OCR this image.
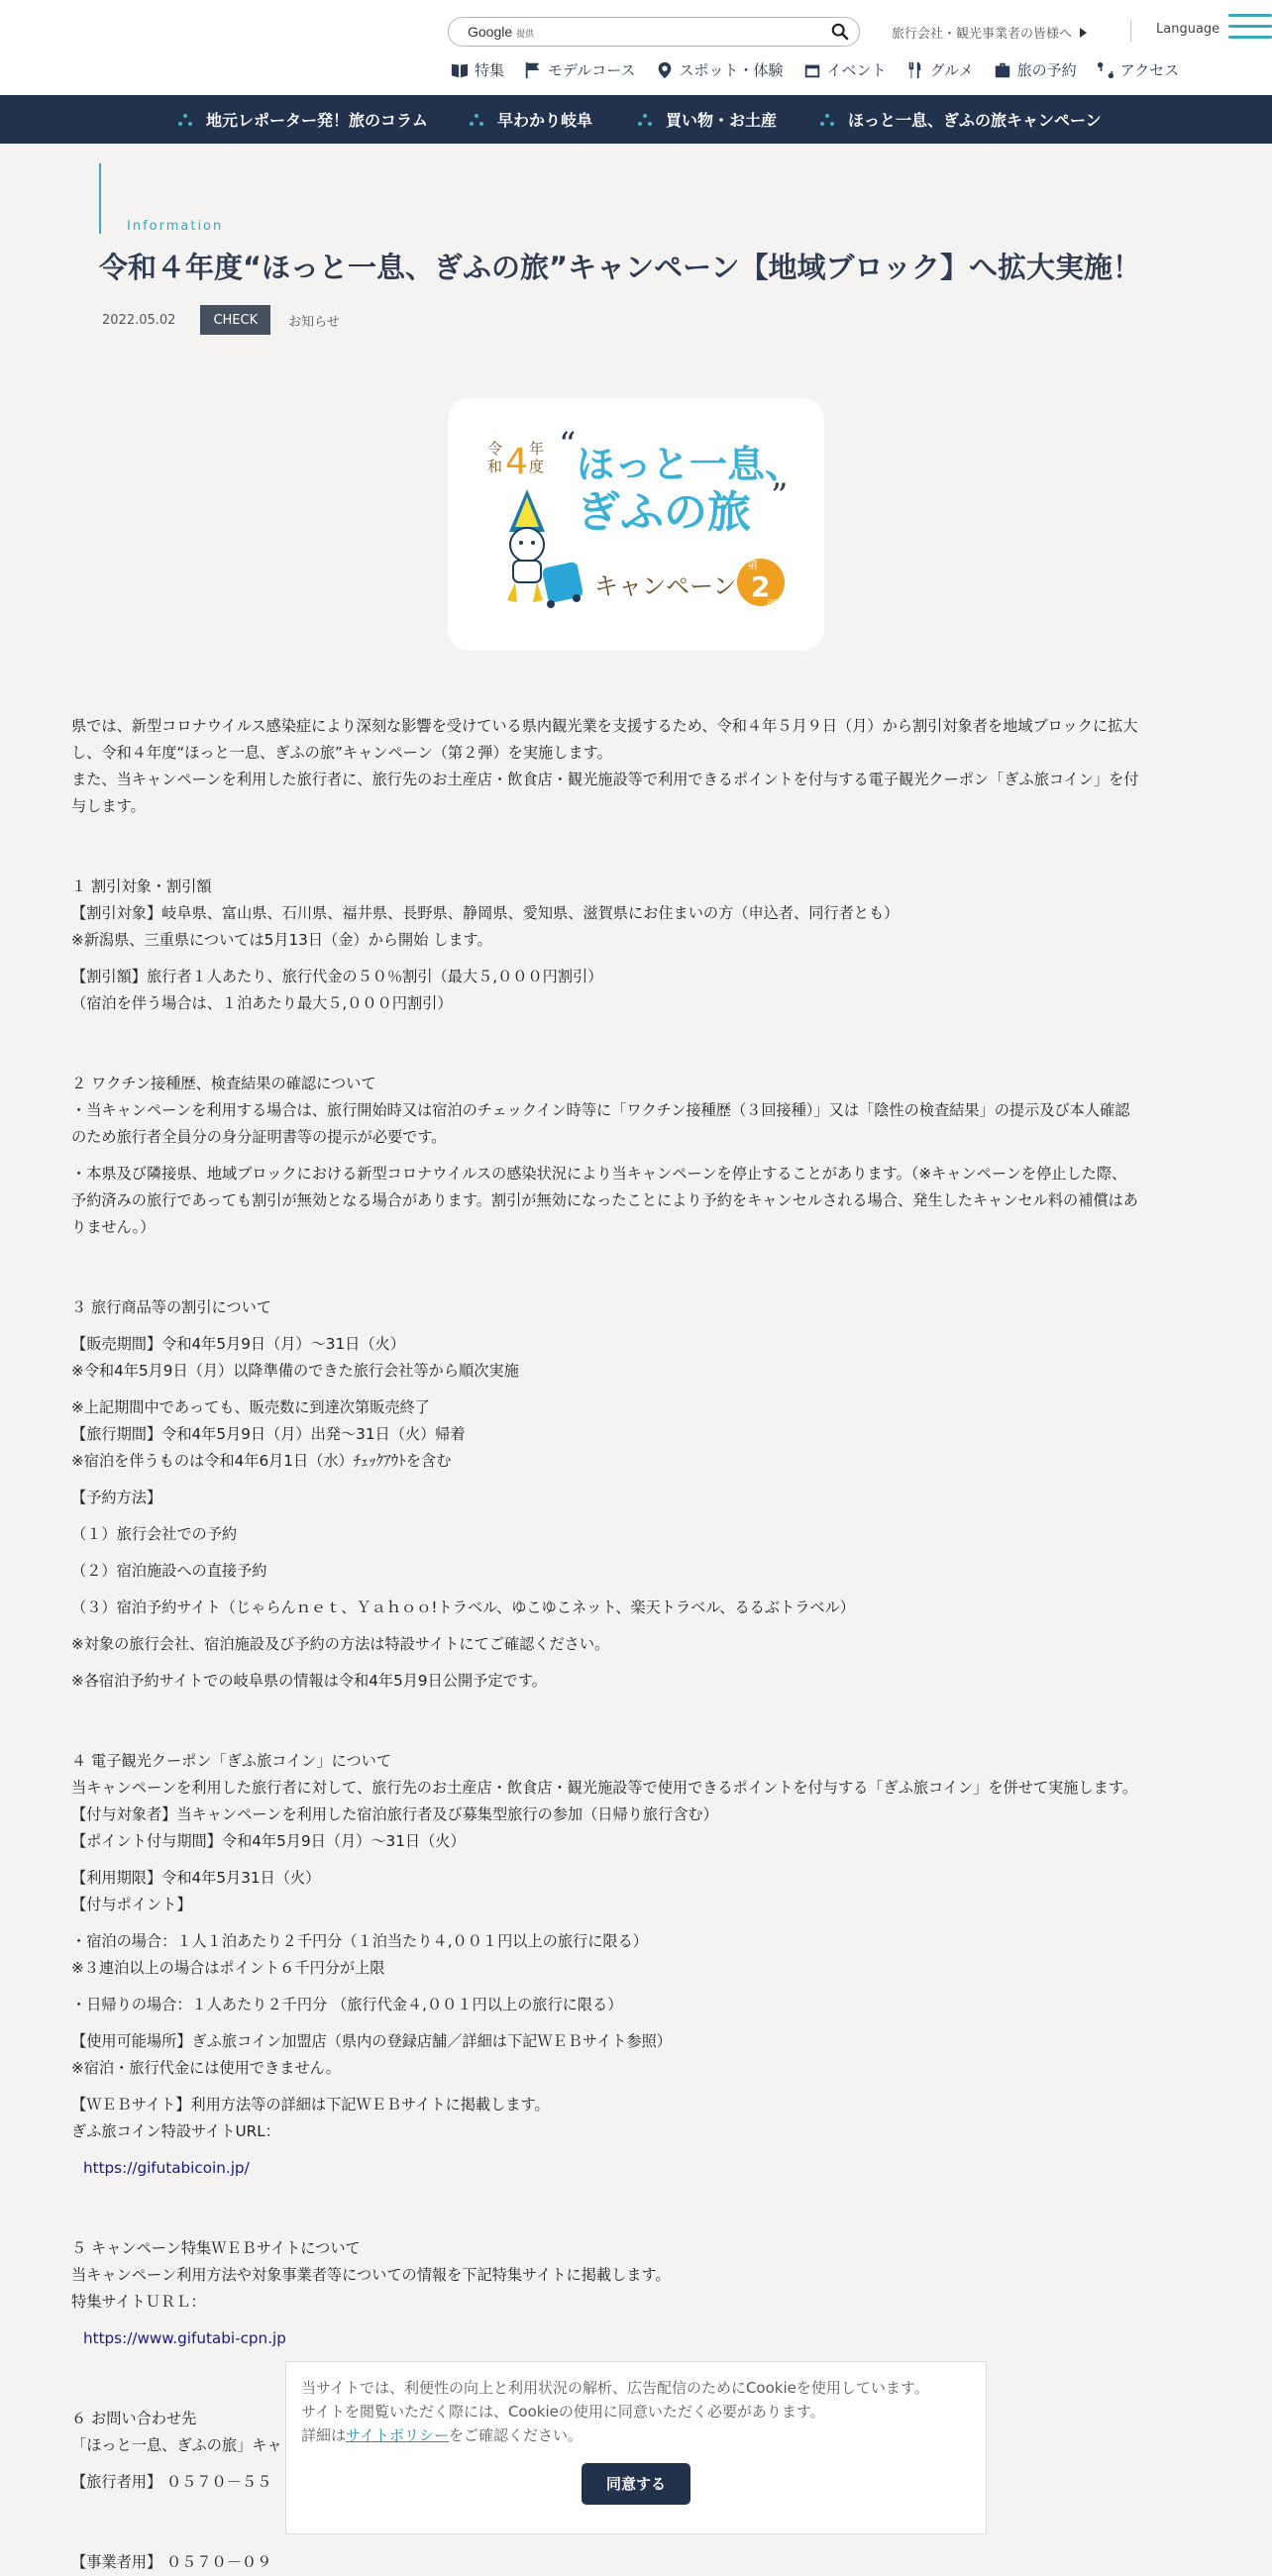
Google 提供	旅行会社・観光事業者の皆様へ	Language
特集	モデルコース	スポット・体験	イベント	グルメ	旅の予約	アクセス
地元レポーター発！旅のコラム	早わかり岐阜	買い物・お土産	ほっと一息、ぎふの旅キャンペーン
Information
令和４年度“ほっと一息、ぎふの旅”キャンペーン【地域ブロック】へ拡大実施！
2022.05.02	CHECK	お知らせ
令
和 4 年
度
“ ほっと一息、
ぎふの旅 ”
キャンペーン
第
2
弾

県では、新型コロナウイルス感染症により深刻な影響を受けている県内観光業を支援するため、令和４年５月９日（月）から割引対象者を地域ブロックに拡大

し、令和４年度“ほっと一息、ぎふの旅”キャンペーン（第２弾）を実施します。

また、当キャンペーンを利用した旅行者に、旅行先のお土産店・飲食店・観光施設等で利用できるポイントを付与する電子観光クーポン「ぎふ旅コイン」を付

与します。

１ 割引対象・割引額

【割引対象】岐阜県、富山県、石川県、福井県、長野県、静岡県、愛知県、滋賀県にお住まいの方（申込者、同行者とも）

※新潟県、三重県については5月13日（金）から開始 します。

【割引額】旅行者１人あたり、旅行代金の５０％割引（最大５,０００円割引）

（宿泊を伴う場合は、１泊あたり最大５,０００円割引）

２ ワクチン接種歴、検査結果の確認について

・当キャンペーンを利用する場合は、旅行開始時又は宿泊のチェックイン時等に「ワクチン接種歴（３回接種）」又は「陰性の検査結果」の提示及び本人確認

のため旅行者全員分の身分証明書等の提示が必要です。

・本県及び隣接県、地域ブロックにおける新型コロナウイルスの感染状況により当キャンペーンを停止することがあります。（※キャンペーンを停止した際、

予約済みの旅行であっても割引が無効となる場合があります。割引が無効になったことにより予約をキャンセルされる場合、発生したキャンセル料の補償はあ

りません。）

３ 旅行商品等の割引について

【販売期間】令和4年5月9日（月）〜31日（火）

※令和4年5月9日（月）以降準備のできた旅行会社等から順次実施

※上記期間中であっても、販売数に到達次第販売終了

【旅行期間】令和4年5月9日（月）出発～31日（火）帰着

※宿泊を伴うものは令和4年6月1日（水）ﾁｪｯｸｱｳﾄを含む

【予約方法】

（１）旅行会社での予約

（２）宿泊施設への直接予約

（３）宿泊予約サイト（じゃらんｎｅｔ、Ｙａｈｏｏ!トラベル、ゆこゆこネット、楽天トラベル、るるぶトラベル）

※対象の旅行会社、宿泊施設及び予約の方法は特設サイトにてご確認ください。

※各宿泊予約サイトでの岐阜県の情報は令和4年5月9日公開予定です。

４ 電子観光クーポン「ぎふ旅コイン」について

当キャンペーンを利用した旅行者に対して、旅行先のお土産店・飲食店・観光施設等で使用できるポイントを付与する「ぎふ旅コイン」を併せて実施します。

【付与対象者】当キャンペーンを利用した宿泊旅行者及び募集型旅行の参加（日帰り旅行含む）

【ポイント付与期間】令和4年5月9日（月）～31日（火）

【利用期限】令和4年5月31日（火）

【付与ポイント】

・宿泊の場合：１人１泊あたり２千円分（１泊当たり４,００１円以上の旅行に限る）

※３連泊以上の場合はポイント６千円分が上限

・日帰りの場合：１人あたり２千円分 （旅行代金４,００１円以上の旅行に限る）

【使用可能場所】ぎふ旅コイン加盟店（県内の登録店舗／詳細は下記ＷＥＢサイト参照）

※宿泊・旅行代金には使用できません。

【ＷＥＢサイト】利用方法等の詳細は下記ＷＥＢサイトに掲載します。

ぎふ旅コイン特設サイトURL：

https://gifutabicoin.jp/

５ キャンペーン特集ＷＥＢサイトについて

当キャンペーン利用方法や対象事業者等についての情報を下記特集サイトに掲載します。

特集サイトＵＲＬ：

https://www.gifutabi-cpn.jp

６ お問い合わせ先

「ほっと一息、ぎふの旅」キャ

【旅行者用】 ０５７０－５５

【事業者用】 ０５７０－０９

当サイトでは、利便性の向上と利用状況の解析、広告配信のためにCookieを使用しています。

サイトを閲覧いただく際には、Cookieの使用に同意いただく必要があります。

詳細はサイトポリシーをご確認ください。

同意する
